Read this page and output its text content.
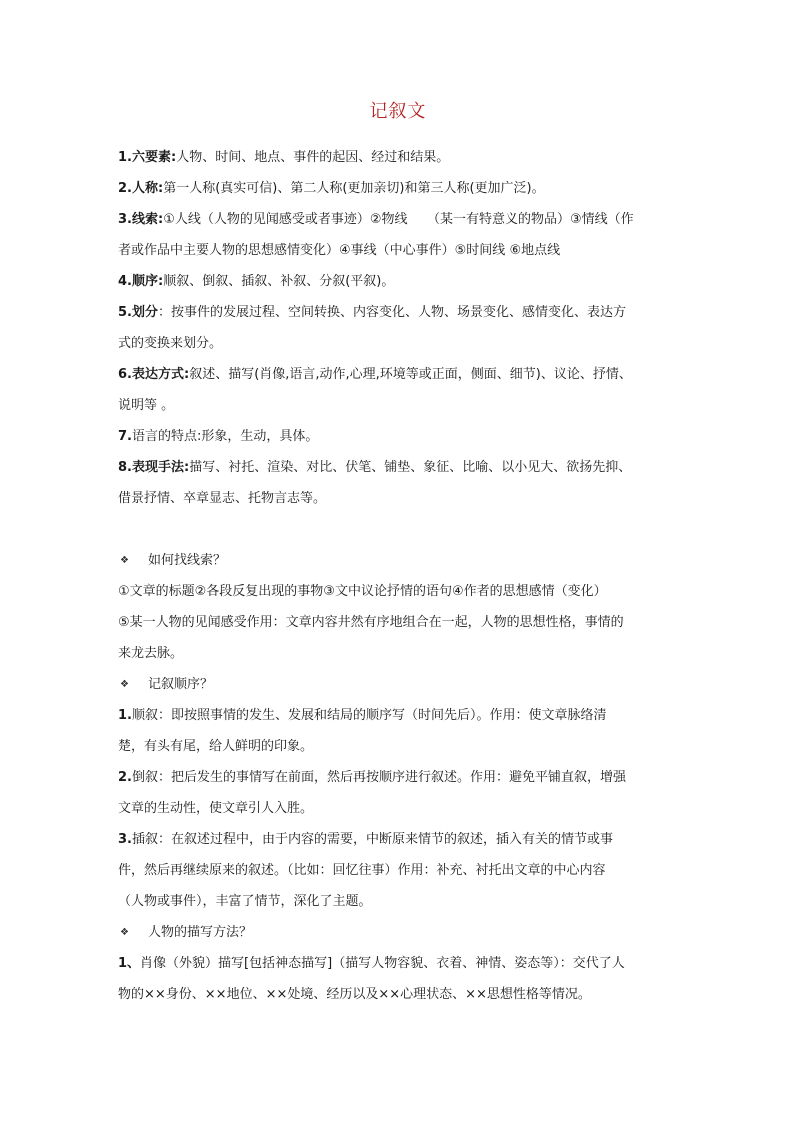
记叙文
1.六要素:人物、时间、地点、事件的起因、经过和结果。
2.人称:第一人称(真实可信)、第二人称(更加亲切)和第三人称(更加广泛)。
3.线索:①人线（人物的见闻感受或者事迹）②物线　　（某一有特意义的物品）③情线（作
者或作品中主要人物的思想感情变化）④事线（中心事件）⑤时间线 ⑥地点线
4.顺序:顺叙、倒叙、插叙、补叙、分叙(平叙)。
5.划分：按事件的发展过程、空间转换、内容变化、人物、场景变化、感情变化、表达方
式的变换来划分。
6.表达方式:叙述、描写(肖像,语言,动作,心理,环境等或正面，侧面、细节)、议论、抒情、
说明等 。
7.语言的特点:形象，生动，具体。
8.表现手法:描写、衬托、渲染、对比、伏笔、铺垫、象征、比喻、以小见大、欲扬先抑、
借景抒情、卒章显志、托物言志等。
❖	如何找线索？
①文章的标题②各段反复出现的事物③文中议论抒情的语句④作者的思想感情（变化）
⑤某一人物的见闻感受作用：文章内容井然有序地组合在一起，人物的思想性格，事情的
来龙去脉。
❖	记叙顺序？
1.顺叙：即按照事情的发生、发展和结局的顺序写（时间先后）。作用：使文章脉络清
楚，有头有尾，给人鲜明的印象。
2.倒叙：把后发生的事情写在前面，然后再按顺序进行叙述。作用：避免平铺直叙，增强
文章的生动性，使文章引人入胜。
3.插叙：在叙述过程中，由于内容的需要，中断原来情节的叙述，插入有关的情节或事
件，然后再继续原来的叙述。（比如：回忆往事）作用：补充、衬托出文章的中心内容
（人物或事件），丰富了情节，深化了主题。
❖	人物的描写方法？
1、肖像（外貌）描写[包括神态描写]（描写人物容貌、衣着、神情、姿态等）：交代了人
物的××身份、××地位、××处境、经历以及××心理状态、××思想性格等情况。
